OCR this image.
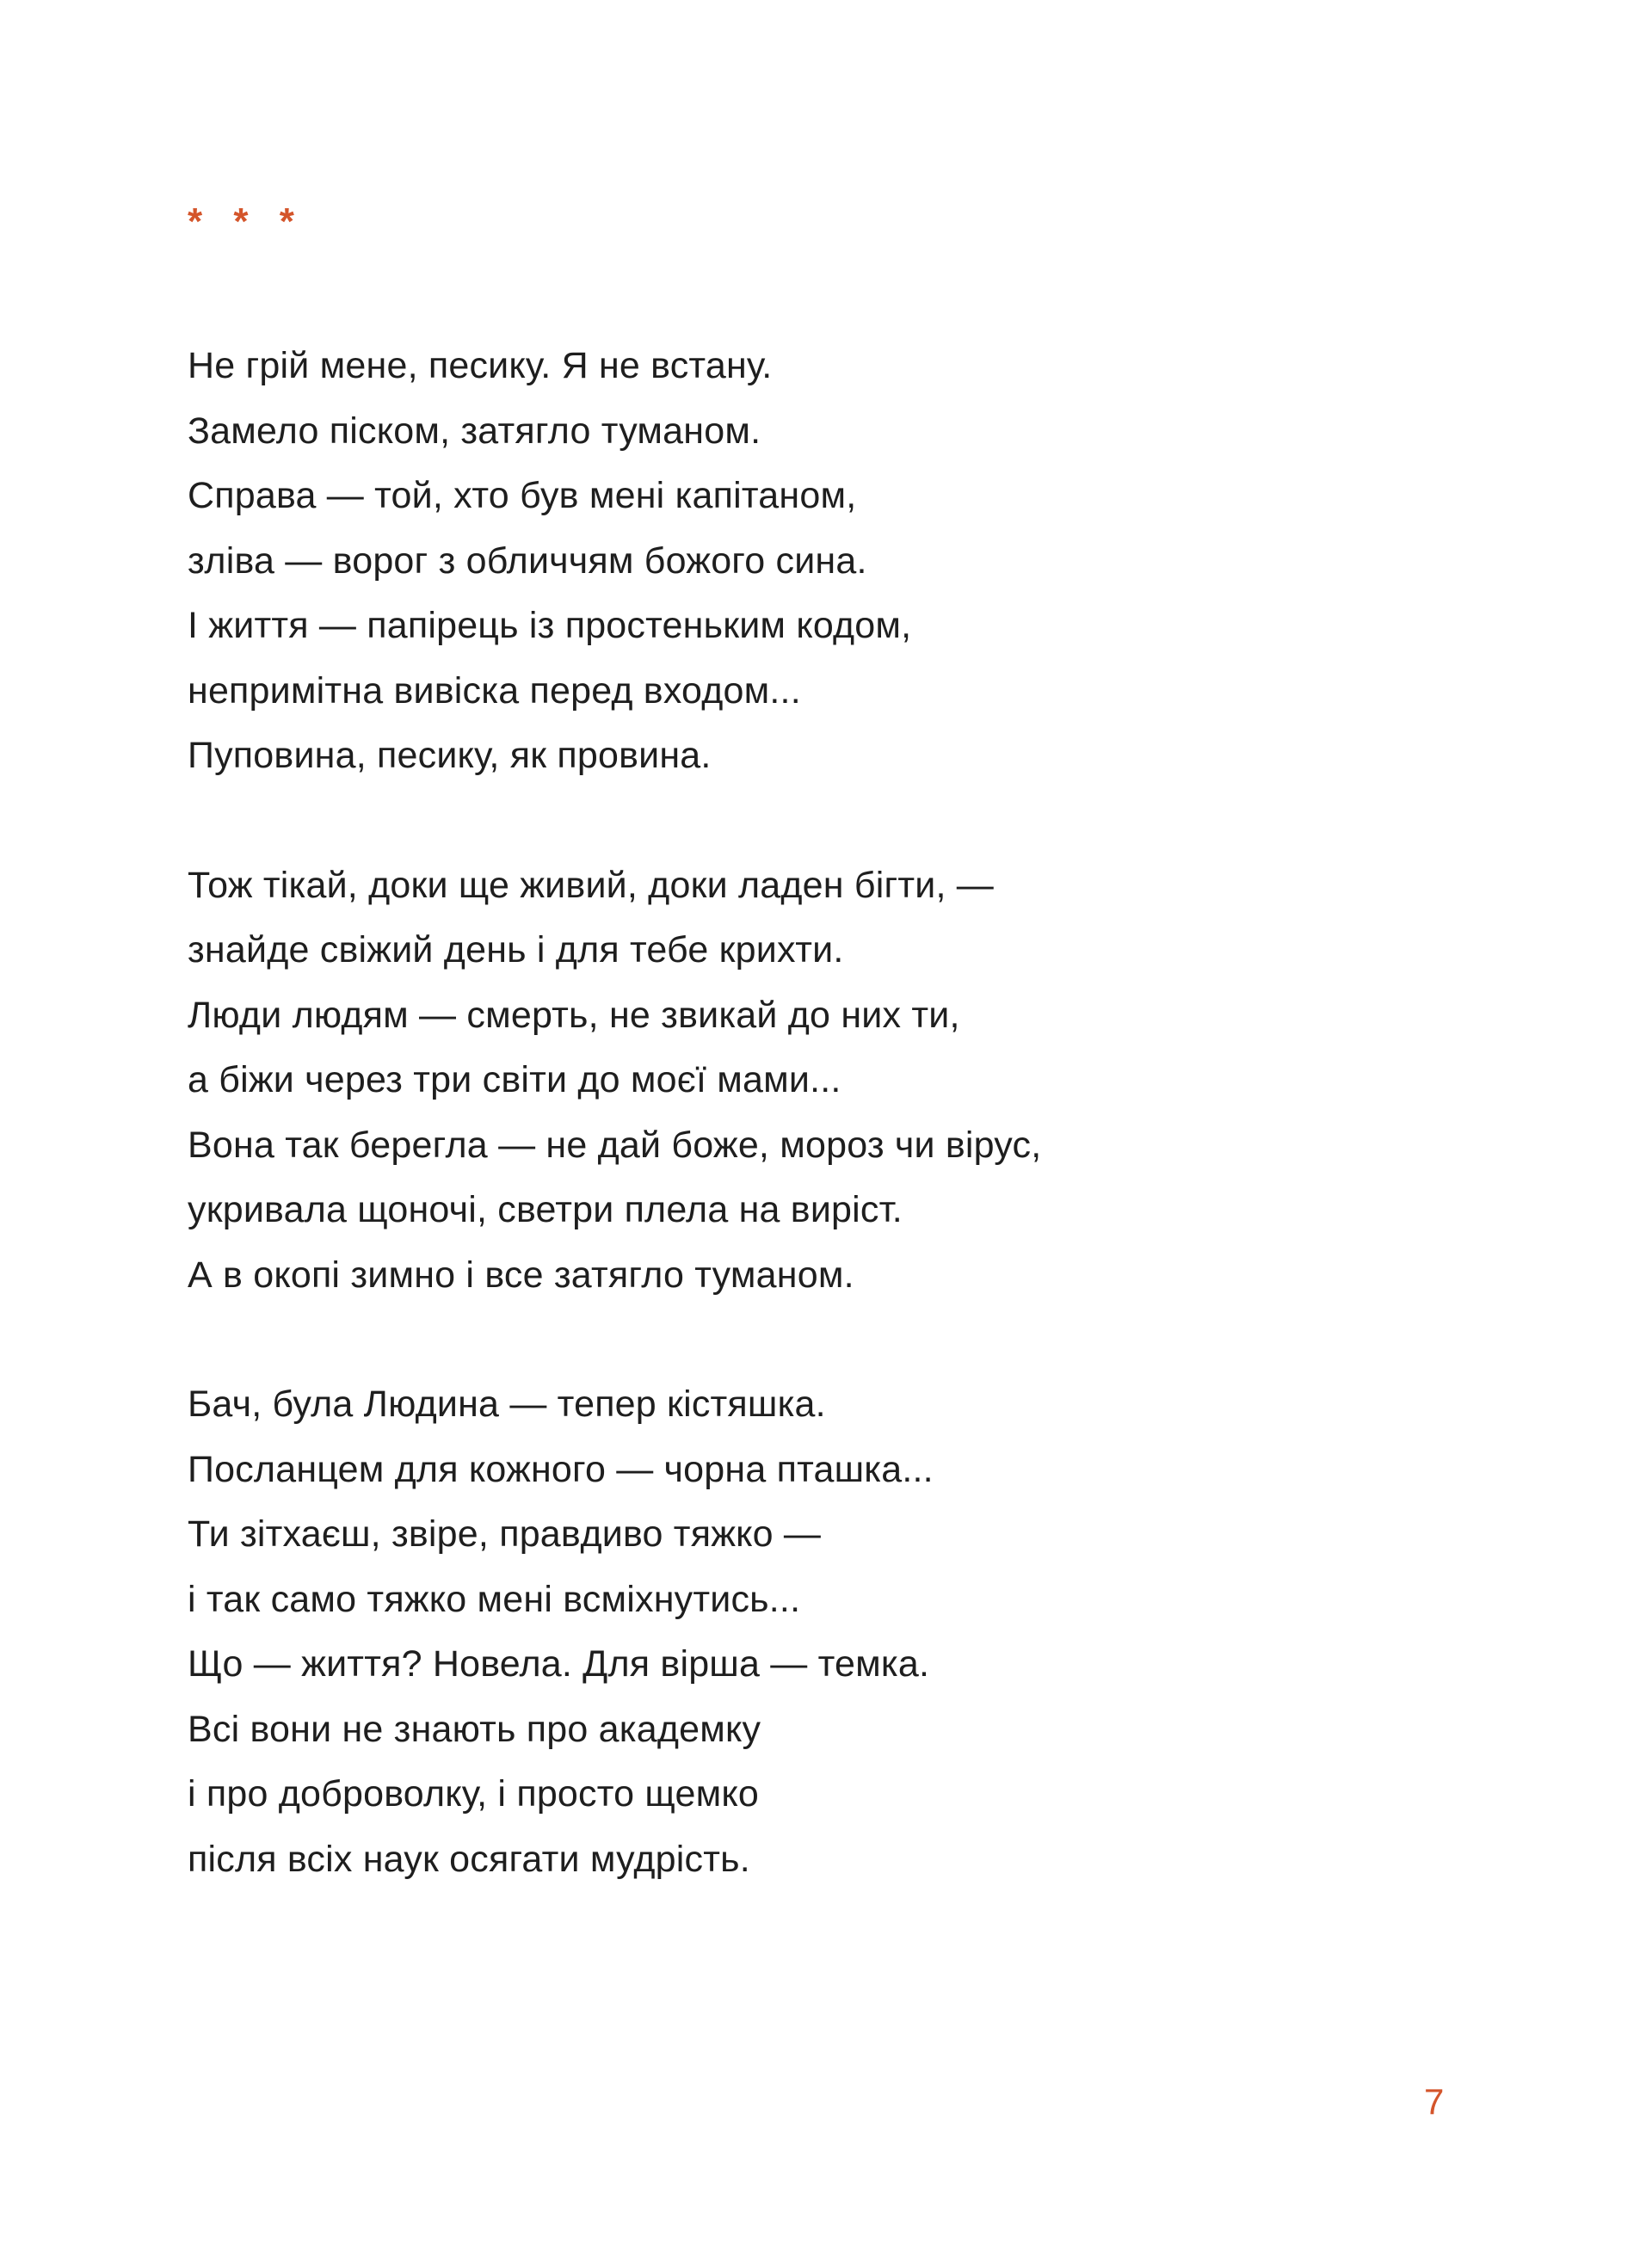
* * *
Не грій мене, песику. Я не встану.
Замело піском, затягло туманом.
Справа — той, хто був мені капітаном,
зліва — ворог з обличчям божого сина.
І життя — папірець із простеньким кодом,
непримітна вивіска перед входом...
Пуповина, песику, як провина.
Тож тікай, доки ще живий, доки ладен бігти, —
знайде свіжий день і для тебе крихти.
Люди людям — смерть, не звикай до них ти,
а біжи через три світи до моєї мами...
Вона так берегла — не дай боже, мороз чи вірус,
укривала щоночі, светри плела на виріст.
А в окопі зимно і все затягло туманом.
Бач, була Людина — тепер кістяшка.
Посланцем для кожного — чорна пташка...
Ти зітхаєш, звіре, правдиво тяжко —
і так само тяжко мені всміхнутись...
Що — життя? Новела. Для вірша — темка.
Всі вони не знають про академку
і про доброволку, і просто щемко
після всіх наук осягати мудрість.
7
